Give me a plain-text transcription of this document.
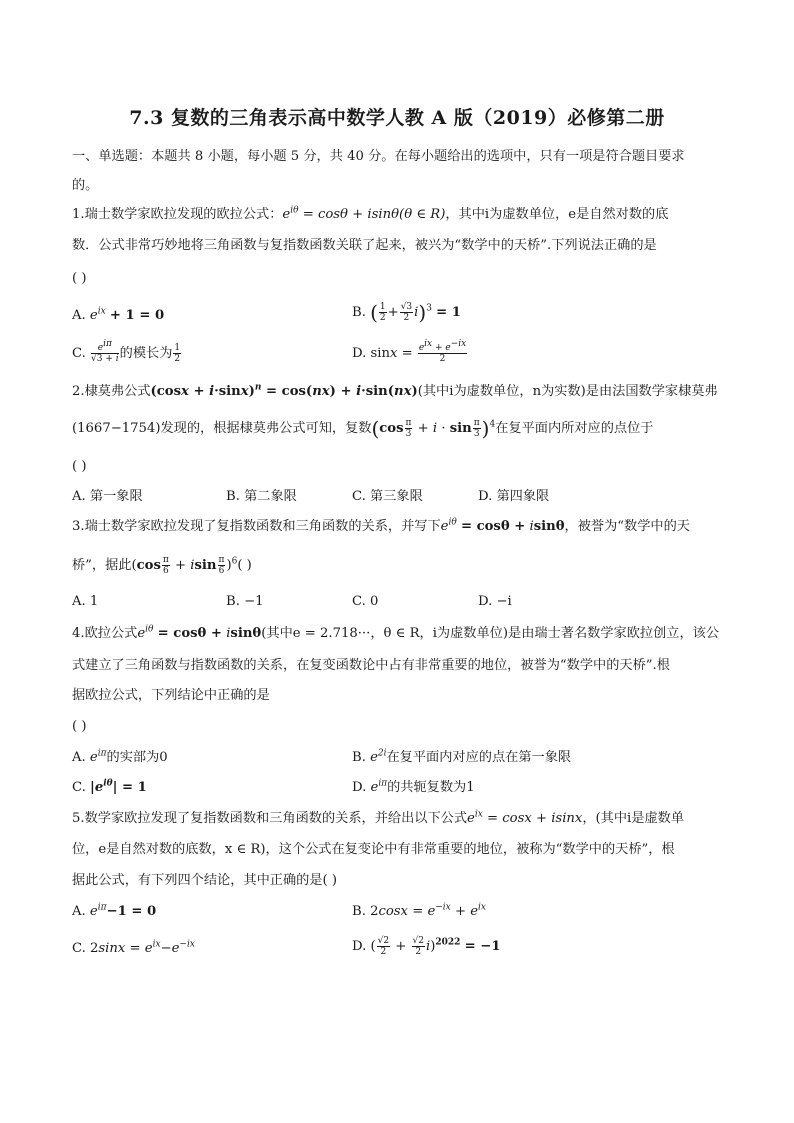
7.3 复数的三角表示高中数学人教 A 版（2019）必修第二册
一、单选题：本题共 8 小题，每小题 5 分，共 40 分。在每小题给出的选项中，只有一项是符合题目要求
的。
1.瑞士数学家欧拉发现的欧拉公式：$e^{i\theta} = \cos\theta + isin\theta(\theta$ ∈ R)，其中i为虚数单位，e是自然对数的底
数．公式非常巧妙地将三角函数与复指数函数关联了起来，被兴为“数学中的天桥”.下列说法正确的是
( )
A. $e^{ix} + 1 = 0$	B. ( $\frac{1}{2} + \frac{√3}{2} i)^3 = 1$
C. $\frac{e^{i\pi}}{√3 + i}$ 的模长为 $\frac{1}{2}$	D. $\sin x = \frac{e^{ix} + e^{-ix}}{2}$
2.棣莫弗公式$(\cos x + i\cdot\sin x)^n = \cos(nx) + i\cdot\sin(nx)$(其中i为虚数单位，n为实数)是由法国数学家棣莫弗
(1667−1754)发现的，根据棣莫弗公式可知，复数$(\cos \frac{\pi}{3} + i \cdot \sin \frac{\pi}{3} )^4$在复平面内所对应的点位于
( )
A. 第一象限	B. 第二象限	C. 第三象限	D. 第四象限
3.瑞士数学家欧拉发现了复指数函数和三角函数的关系，并写下$e^{i\theta} = \cos\theta + isin\theta$，被誉为“数学中的天
桥”，据此$(\cos \frac{\pi}{6} + isin \frac{\pi}{6} )^6$( )
A. 1	B. −1	C. 0	D. −i
4.欧拉公式$e^{i\theta} = \cos\theta + isin\theta$(其中e = 2.718···，θ ∈ R，i为虚数单位)是由瑞士著名数学家欧拉创立，该公
式建立了三角函数与指数函数的关系，在复变函数论中占有非常重要的地位，被誉为“数学中的天桥”.根
据欧拉公式，下列结论中正确的是
( )
A. $e^{i\pi}$的实部为0	B. $e^{2i}$在复平面内对应的点在第一象限
C. $|e^{i\theta}| = 1$	D. $e^{i\pi}$的共轭复数为1
5.数学家欧拉发现了复指数函数和三角函数的关系，并给出以下公式$e^{ix} = \cos x + isinx$，(其中i是虚数单
位，e是自然对数的底数，x ∈ R)，这个公式在复变论中有非常重要的地位，被称为“数学中的天桥”，根
据此公式，有下列四个结论，其中正确的是( )
A. $e^{i\pi}-1 = 0$	B. $2\cos x = e^{-ix} + e^{ix}$
C. $2\sin x = e^{ix}-e^{-ix}$	D. ( $\frac{√2}{2} + \frac{√2}{2} i)^{2022} = -1$
